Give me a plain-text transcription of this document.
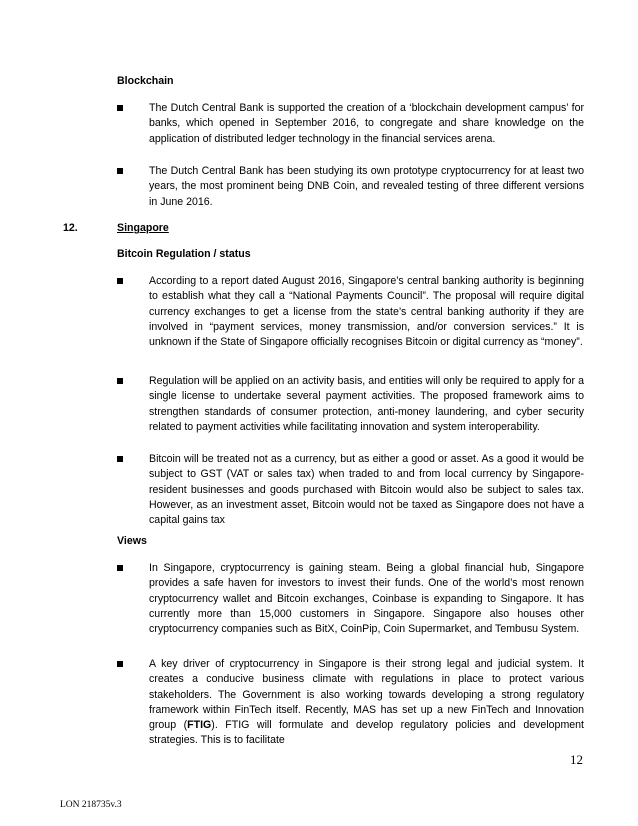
Blockchain
The Dutch Central Bank is supported the creation of a ‘blockchain development campus’ for banks, which opened in September 2016, to congregate and share knowledge on the application of distributed ledger technology in the financial services arena.
The Dutch Central Bank has been studying its own prototype cryptocurrency for at least two years, the most prominent being DNB Coin, and revealed testing of three different versions in June 2016.
12.	Singapore
Bitcoin Regulation / status
According to a report dated August 2016, Singapore’s central banking authority is beginning to establish what they call a “National Payments Council”. The proposal will require digital currency exchanges to get a license from the state’s central banking authority if they are involved in “payment services, money transmission, and/or conversion services.” It is unknown if the State of Singapore officially recognises Bitcoin or digital currency as “money”.
Regulation will be applied on an activity basis, and entities will only be required to apply for a single license to undertake several payment activities. The proposed framework aims to strengthen standards of consumer protection, anti-money laundering, and cyber security related to payment activities while facilitating innovation and system interoperability.
Bitcoin will be treated not as a currency, but as either a good or asset. As a good it would be subject to GST (VAT or sales tax) when traded to and from local currency by Singapore-resident businesses and goods purchased with Bitcoin would also be subject to sales tax. However, as an investment asset, Bitcoin would not be taxed as Singapore does not have a capital gains tax
Views
In Singapore, cryptocurrency is gaining steam. Being a global financial hub, Singapore provides a safe haven for investors to invest their funds. One of the world’s most renown cryptocurrency wallet and Bitcoin exchanges, Coinbase is expanding to Singapore. It has currently more than 15,000 customers in Singapore. Singapore also houses other cryptocurrency companies such as BitX, CoinPip, Coin Supermarket, and Tembusu System.
A key driver of cryptocurrency in Singapore is their strong legal and judicial system. It creates a conducive business climate with regulations in place to protect various stakeholders. The Government is also working towards developing a strong regulatory framework within FinTech itself. Recently, MAS has set up a new FinTech and Innovation group (FTIG). FTIG will formulate and develop regulatory policies and development strategies. This is to facilitate
12
LON 218735v.3
